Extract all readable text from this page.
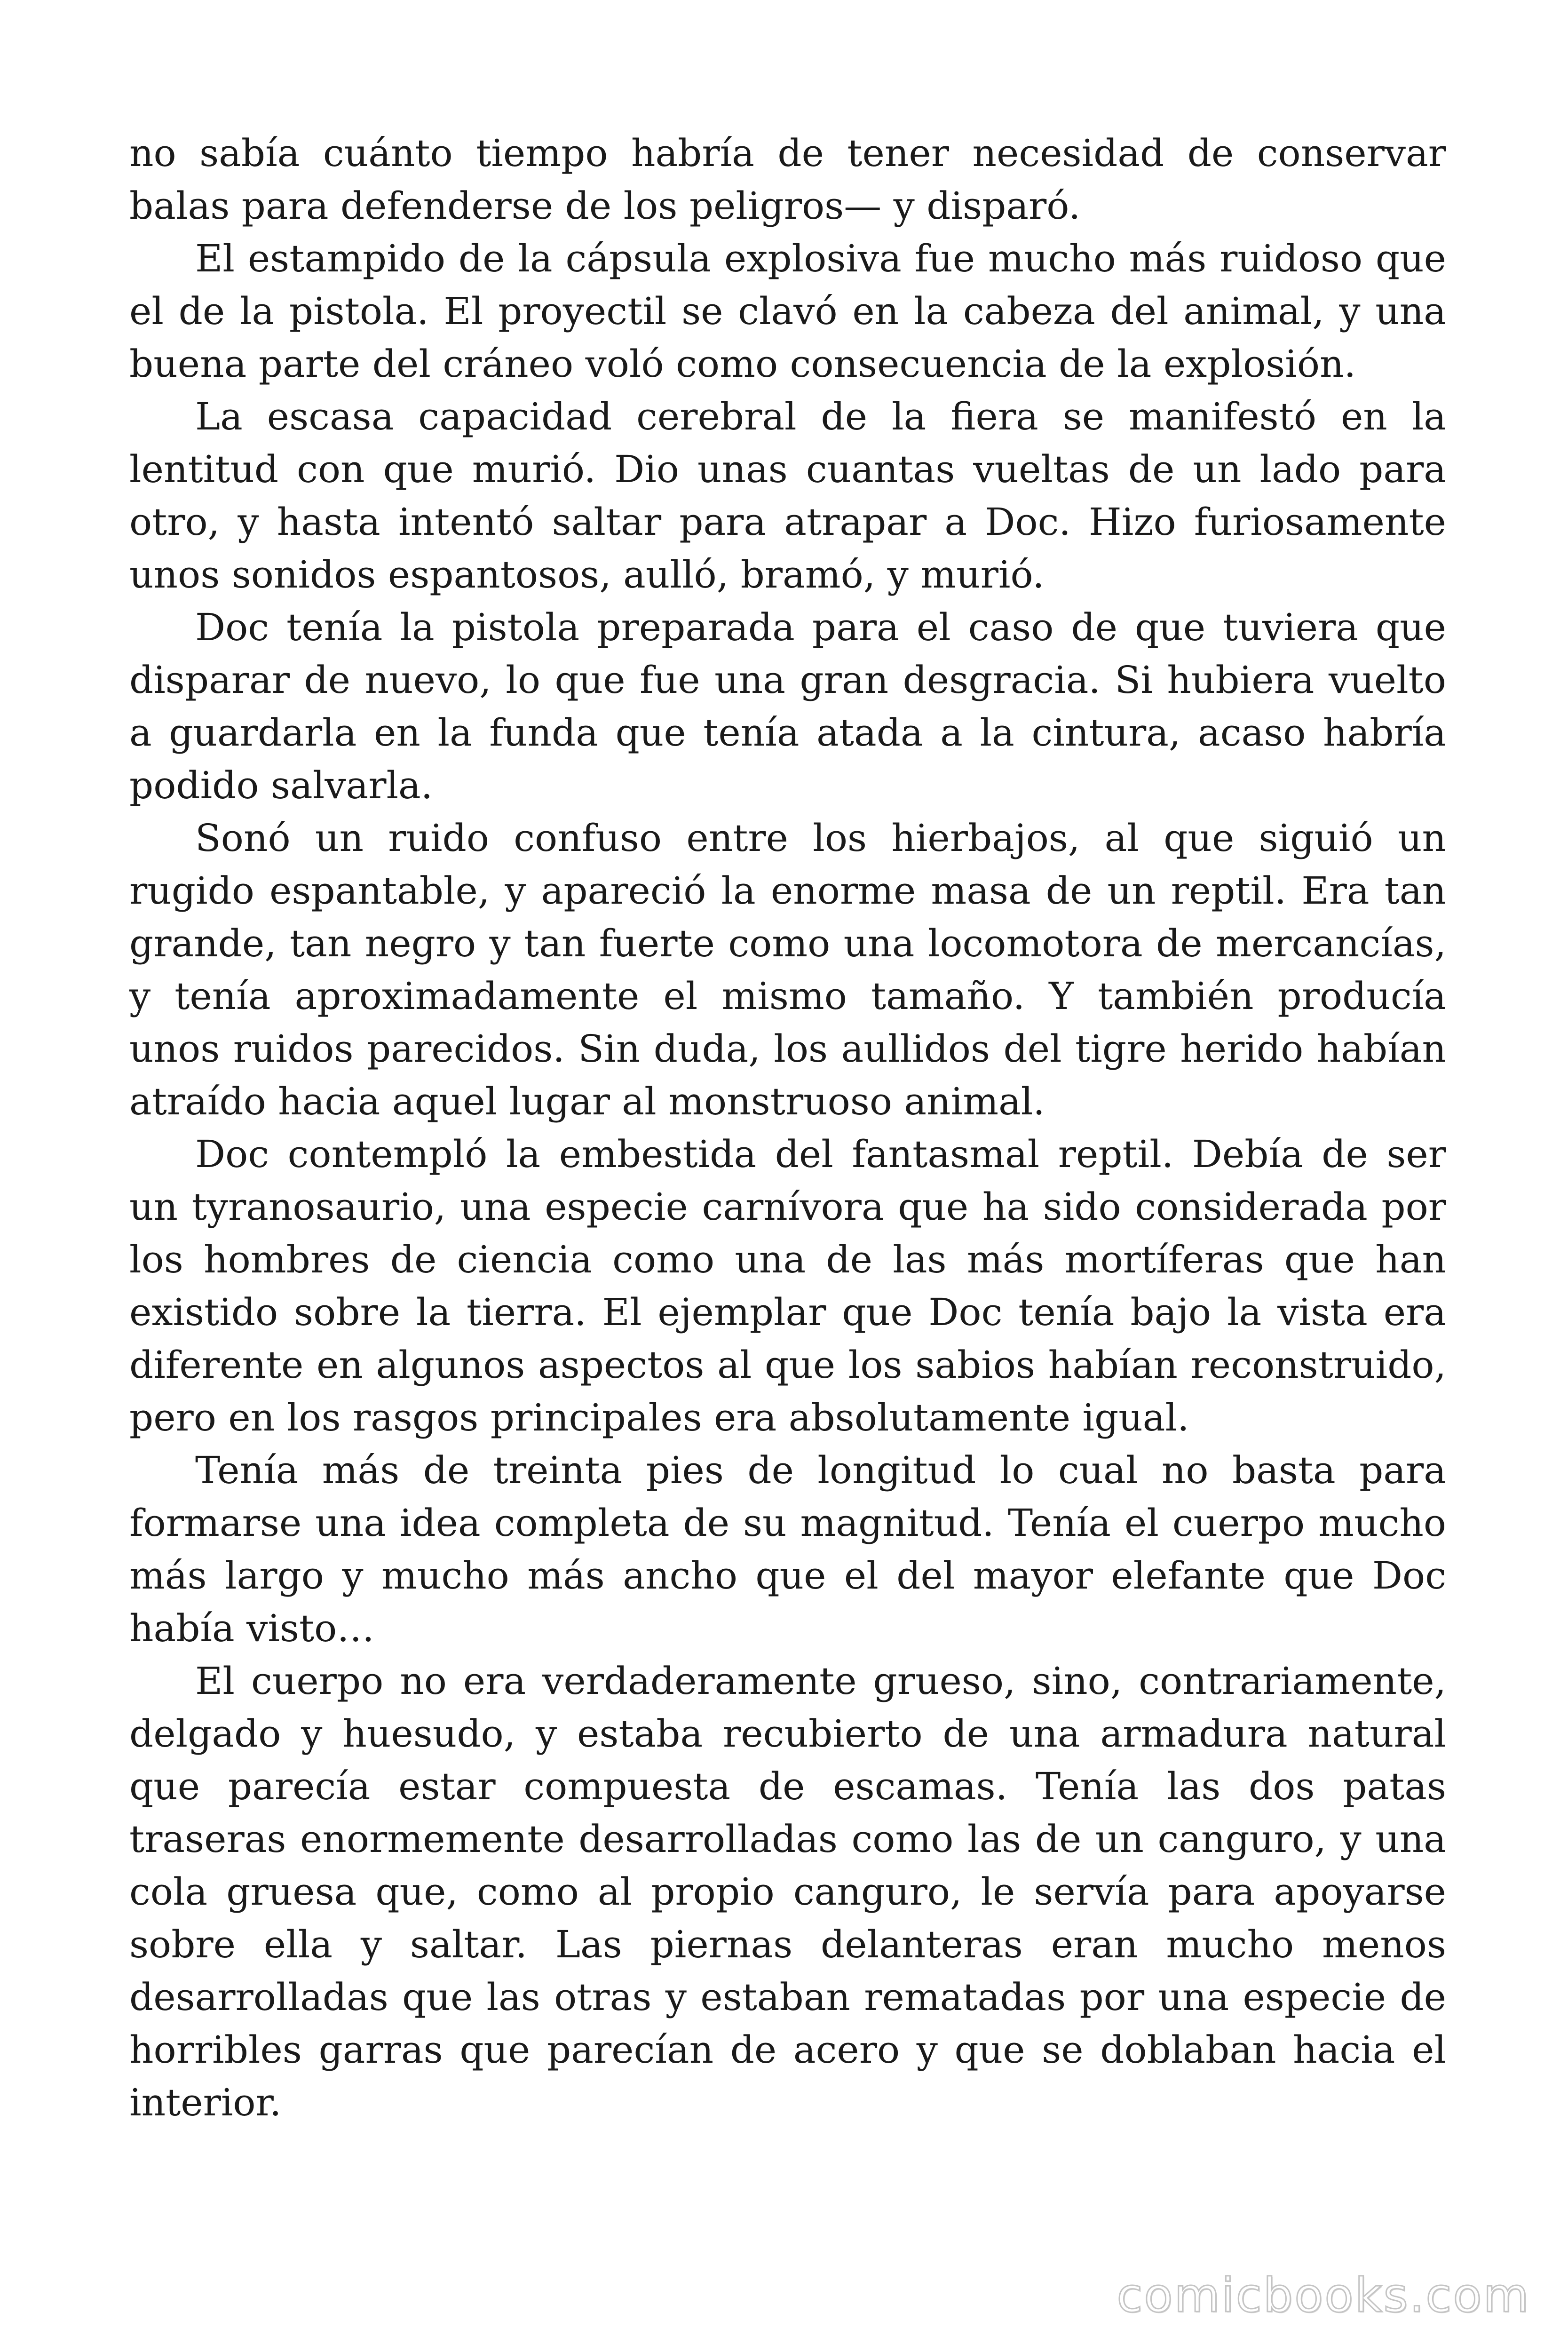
no sabía cuánto tiempo habría de tener necesidad de conservar balas para defenderse de los peligros— y disparó.

El estampido de la cápsula explosiva fue mucho más ruidoso que el de la pistola. El proyectil se clavó en la cabeza del animal, y una buena parte del cráneo voló como consecuencia de la explosión.

La escasa capacidad cerebral de la fiera se manifestó en la lentitud con que murió. Dio unas cuantas vueltas de un lado para otro, y hasta intentó saltar para atrapar a Doc. Hizo furiosamente unos sonidos espantosos, aulló, bramó, y murió.

Doc tenía la pistola preparada para el caso de que tuviera que disparar de nuevo, lo que fue una gran desgracia. Si hubiera vuelto a guardarla en la funda que tenía atada a la cintura, acaso habría podido salvarla.

Sonó un ruido confuso entre los hierbajos, al que siguió un rugido espantable, y apareció la enorme masa de un reptil. Era tan grande, tan negro y tan fuerte como una locomotora de mercancías, y tenía aproximadamente el mismo tamaño. Y también producía unos ruidos parecidos. Sin duda, los aullidos del tigre herido habían atraído hacia aquel lugar al monstruoso animal.

Doc contempló la embestida del fantasmal reptil. Debía de ser un tyranosaurio, una especie carnívora que ha sido considerada por los hombres de ciencia como una de las más mortíferas que han existido sobre la tierra. El ejemplar que Doc tenía bajo la vista era diferente en algunos aspectos al que los sabios habían reconstruido, pero en los rasgos principales era absolutamente igual.

Tenía más de treinta pies de longitud lo cual no basta para formarse una idea completa de su magnitud. Tenía el cuerpo mucho más largo y mucho más ancho que el del mayor elefante que Doc había visto…

El cuerpo no era verdaderamente grueso, sino, contrariamente, delgado y huesudo, y estaba recubierto de una armadura natural que parecía estar compuesta de escamas. Tenía las dos patas traseras enormemente desarrolladas como las de un canguro, y una cola gruesa que, como al propio canguro, le servía para apoyarse sobre ella y saltar. Las piernas delanteras eran mucho menos desarrolladas que las otras y estaban rematadas por una especie de horribles garras que parecían de acero y que se doblaban hacia el interior.

comicbooks.com
